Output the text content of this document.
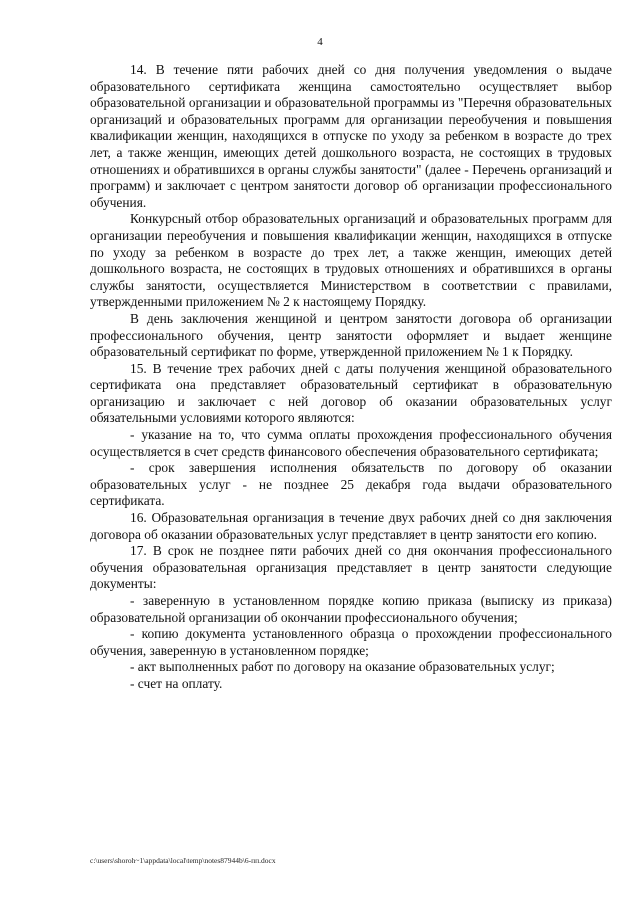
4

14. В течение пяти рабочих дней со дня получения уведомления о выдаче образовательного сертификата женщина самостоятельно осуществляет выбор образовательной организации и образовательной программы из "Перечня образовательных организаций и образовательных программ для организации переобучения и повышения квалификации женщин, находящихся в отпуске по уходу за ребенком в возрасте до трех лет, а также женщин, имеющих детей дошкольного возраста, не состоящих в трудовых отношениях и обратившихся в органы службы занятости" (далее - Перечень организаций и программ) и заключает с центром занятости договор об организации профессионального обучения.

Конкурсный отбор образовательных организаций и образовательных программ для организации переобучения и повышения квалификации женщин, находящихся в отпуске по уходу за ребенком в возрасте до трех лет, а также женщин, имеющих детей дошкольного возраста, не состоящих в трудовых отношениях и обратившихся в органы службы занятости, осуществляется Министерством в соответствии с правилами, утвержденными приложением № 2 к настоящему Порядку.

В день заключения женщиной и центром занятости договора об организации профессионального обучения, центр занятости оформляет и выдает женщине образовательный сертификат по форме, утвержденной приложением № 1 к Порядку.

15. В течение трех рабочих дней с даты получения женщиной образовательного сертификата она представляет образовательный сертификат в образовательную организацию и заключает с ней договор об оказании образовательных услуг обязательными условиями которого являются:

- указание на то, что сумма оплаты прохождения профессионального обучения осуществляется в счет средств финансового обеспечения образовательного сертификата;

- срок завершения исполнения обязательств по договору об оказании образовательных услуг - не позднее 25 декабря года выдачи образовательного сертификата.

16. Образовательная организация в течение двух рабочих дней со дня заключения договора об оказании образовательных услуг представляет в центр занятости его копию.

17. В срок не позднее пяти рабочих дней со дня окончания профессионального обучения образовательная организация представляет в центр занятости следующие документы:

- заверенную в установленном порядке копию приказа (выписку из приказа) образовательной организации об окончании профессионального обучения;

- копию документа установленного образца о прохождении профессионального обучения, заверенную в установленном порядке;

- акт выполненных работ по договору на оказание образовательных услуг;

- счет на оплату.

c:\users\shoroh~1\appdata\local\temp\notes87944b\6-пп.docx
